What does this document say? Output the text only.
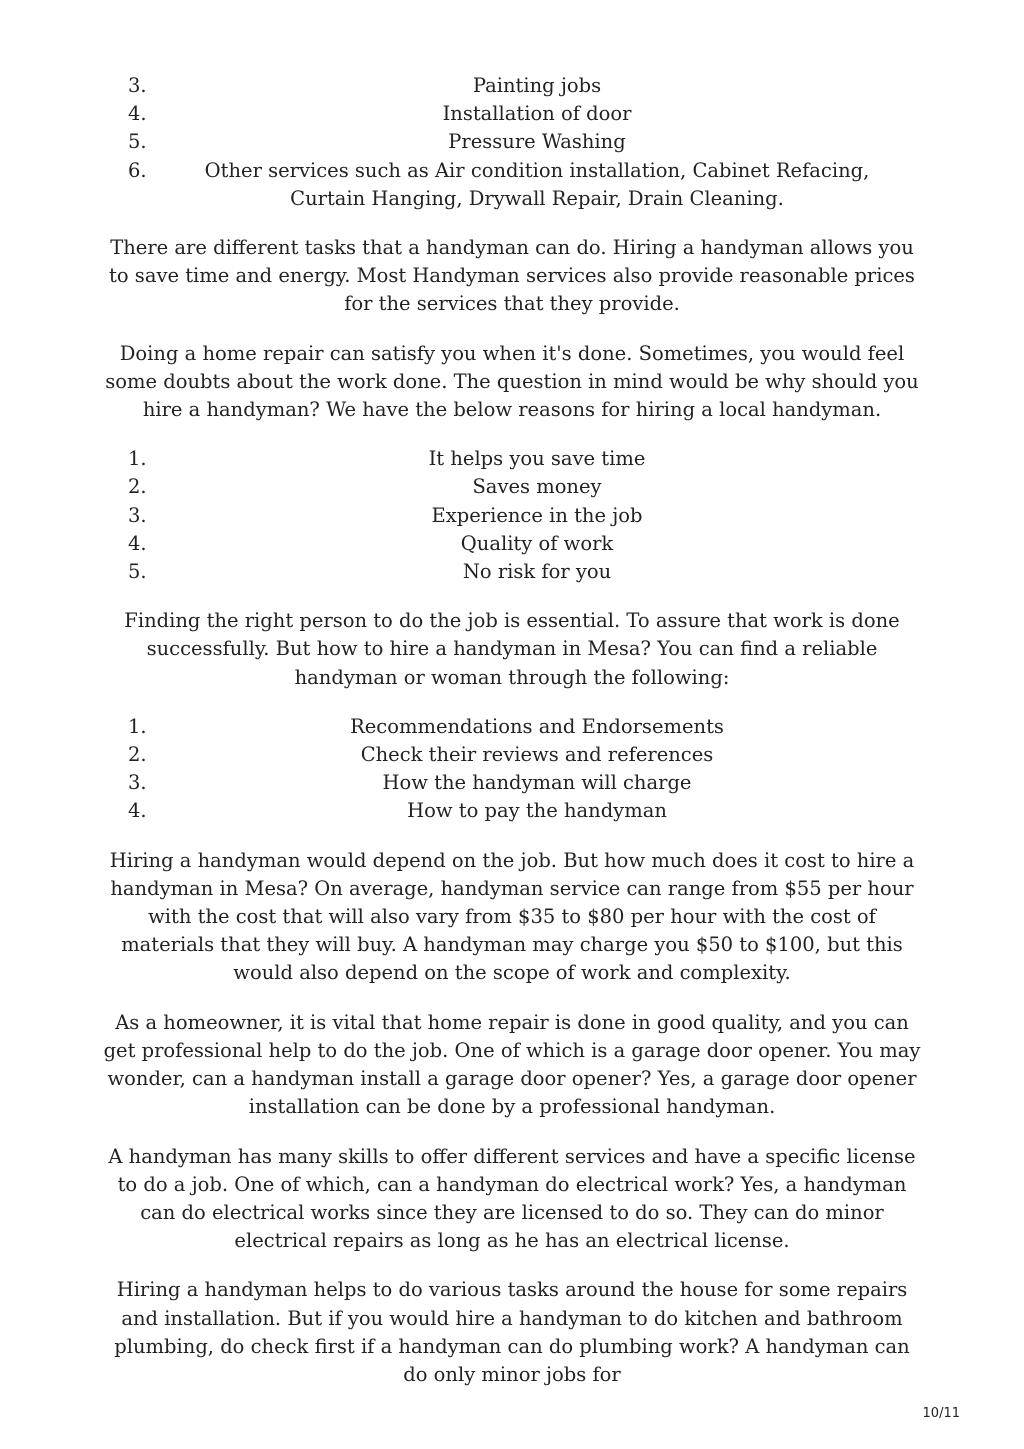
3.	Painting jobs
4.	Installation of door
5.	Pressure Washing
6.	Other services such as Air condition installation, Cabinet Refacing, Curtain Hanging, Drywall Repair, Drain Cleaning.

There are different tasks that a handyman can do. Hiring a handyman allows you to save time and energy. Most Handyman services also provide reasonable prices for the services that they provide.

Doing a home repair can satisfy you when it's done. Sometimes, you would feel some doubts about the work done. The question in mind would be why should you hire a handyman? We have the below reasons for hiring a local handyman.

1.	It helps you save time
2.	Saves money
3.	Experience in the job
4.	Quality of work
5.	No risk for you

Finding the right person to do the job is essential. To assure that work is done successfully. But how to hire a handyman in Mesa? You can find a reliable handyman or woman through the following:

1.	Recommendations and Endorsements
2.	Check their reviews and references
3.	How the handyman will charge
4.	How to pay the handyman

Hiring a handyman would depend on the job. But how much does it cost to hire a handyman in Mesa? On average, handyman service can range from $55 per hour with the cost that will also vary from $35 to $80 per hour with the cost of materials that they will buy. A handyman may charge you $50 to $100, but this would also depend on the scope of work and complexity.

As a homeowner, it is vital that home repair is done in good quality, and you can get professional help to do the job. One of which is a garage door opener. You may wonder, can a handyman install a garage door opener? Yes, a garage door opener installation can be done by a professional handyman.

A handyman has many skills to offer different services and have a specific license to do a job. One of which, can a handyman do electrical work? Yes, a handyman can do electrical works since they are licensed to do so. They can do minor electrical repairs as long as he has an electrical license.

Hiring a handyman helps to do various tasks around the house for some repairs and installation. But if you would hire a handyman to do kitchen and bathroom plumbing, do check first if a handyman can do plumbing work? A handyman can do only minor jobs for

10/11
